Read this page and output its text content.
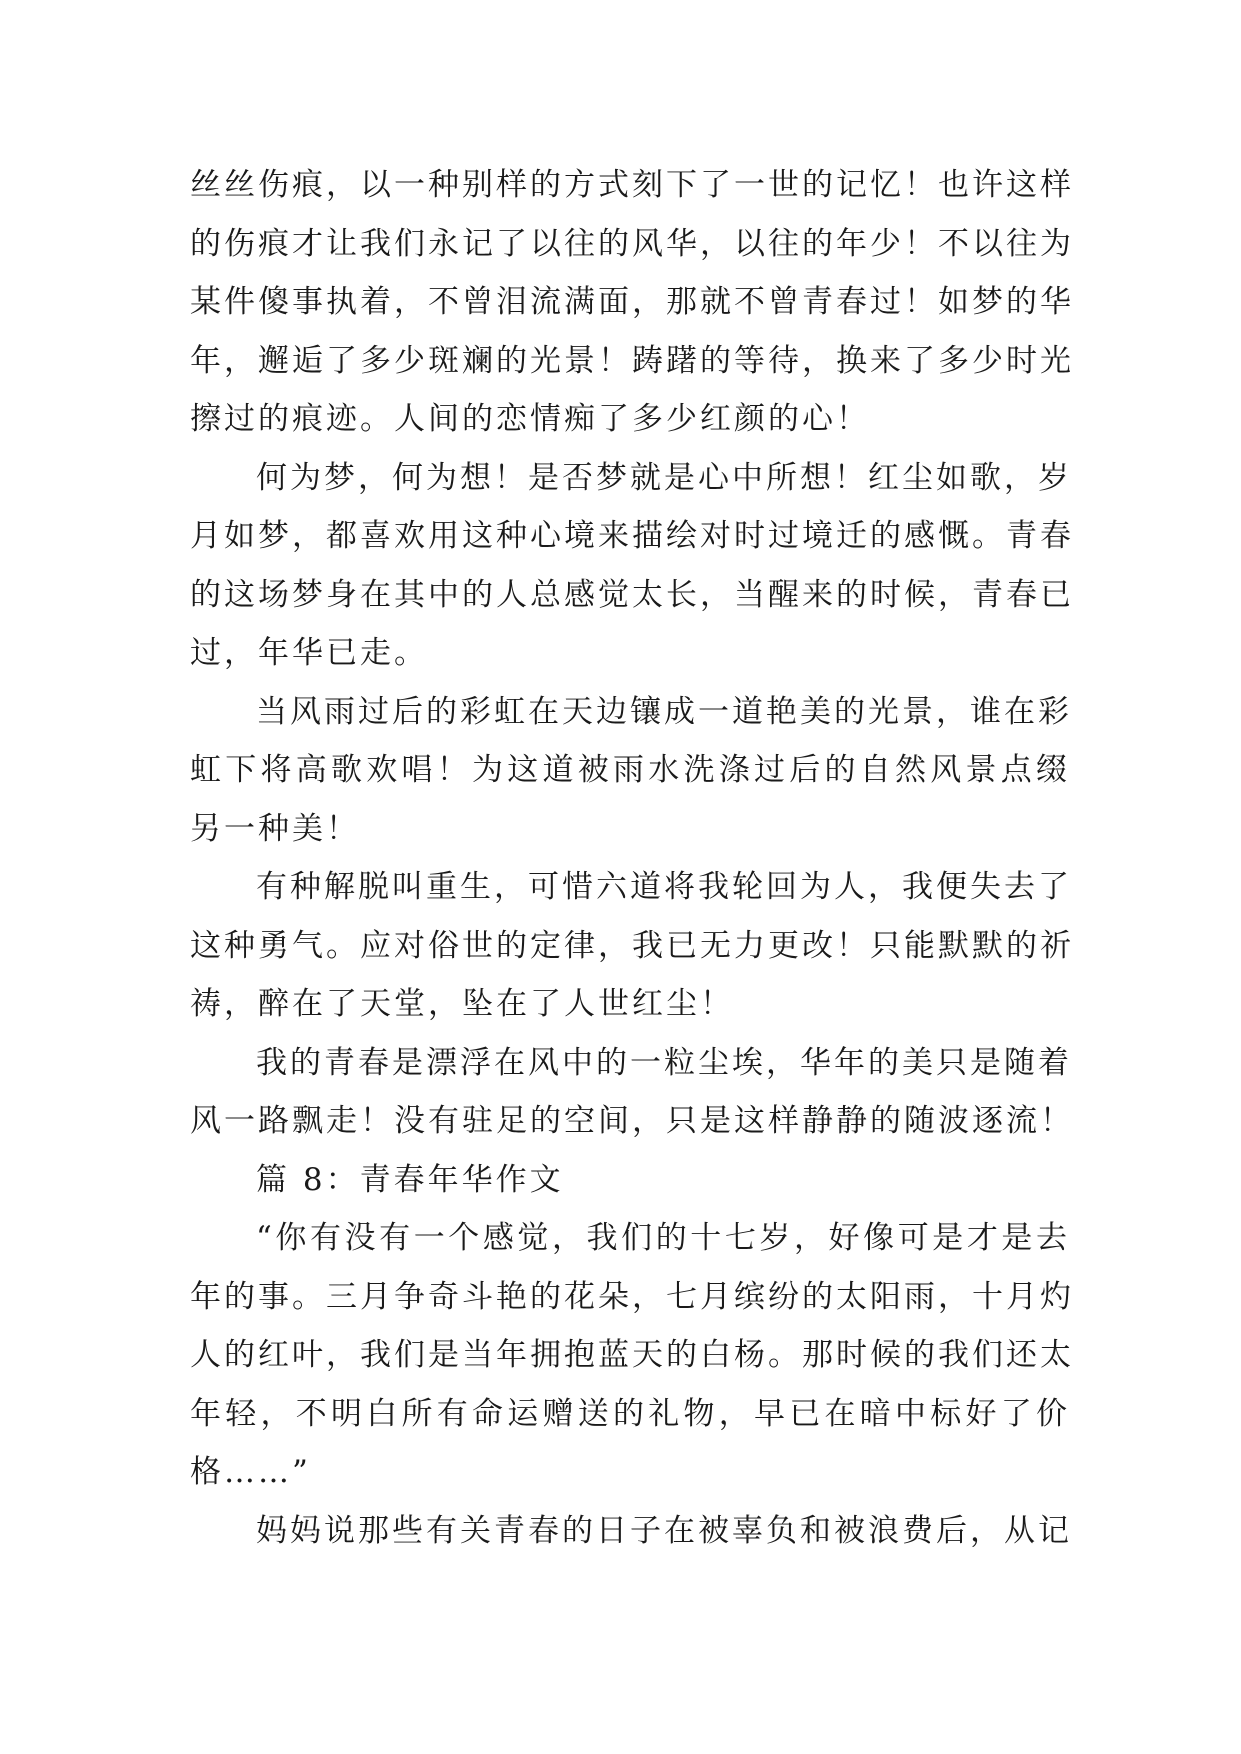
丝丝伤痕，以一种别样的方式刻下了一世的记忆！也许这样
的伤痕才让我们永记了以往的风华，以往的年少！不以往为
某件傻事执着，不曾泪流满面，那就不曾青春过！如梦的华
年，邂逅了多少斑斓的光景！踌躇的等待，换来了多少时光
擦过的痕迹。人间的恋情痴了多少红颜的心！
何为梦，何为想！是否梦就是心中所想！红尘如歌，岁
月如梦，都喜欢用这种心境来描绘对时过境迁的感慨。青春
的这场梦身在其中的人总感觉太长，当醒来的时候，青春已
过，年华已走。
当风雨过后的彩虹在天边镶成一道艳美的光景，谁在彩
虹下将高歌欢唱！为这道被雨水洗涤过后的自然风景点缀
另一种美！
有种解脱叫重生，可惜六道将我轮回为人，我便失去了
这种勇气。应对俗世的定律，我已无力更改！只能默默的祈
祷，醉在了天堂，坠在了人世红尘！
我的青春是漂浮在风中的一粒尘埃，华年的美只是随着
风一路飘走！没有驻足的空间，只是这样静静的随波逐流！
篇 8：青春年华作文
“你有没有一个感觉，我们的十七岁，好像可是才是去
年的事。三月争奇斗艳的花朵，七月缤纷的太阳雨，十月灼
人的红叶，我们是当年拥抱蓝天的白杨。那时候的我们还太
年轻，不明白所有命运赠送的礼物，早已在暗中标好了价
格……”
妈妈说那些有关青春的日子在被辜负和被浪费后，从记
